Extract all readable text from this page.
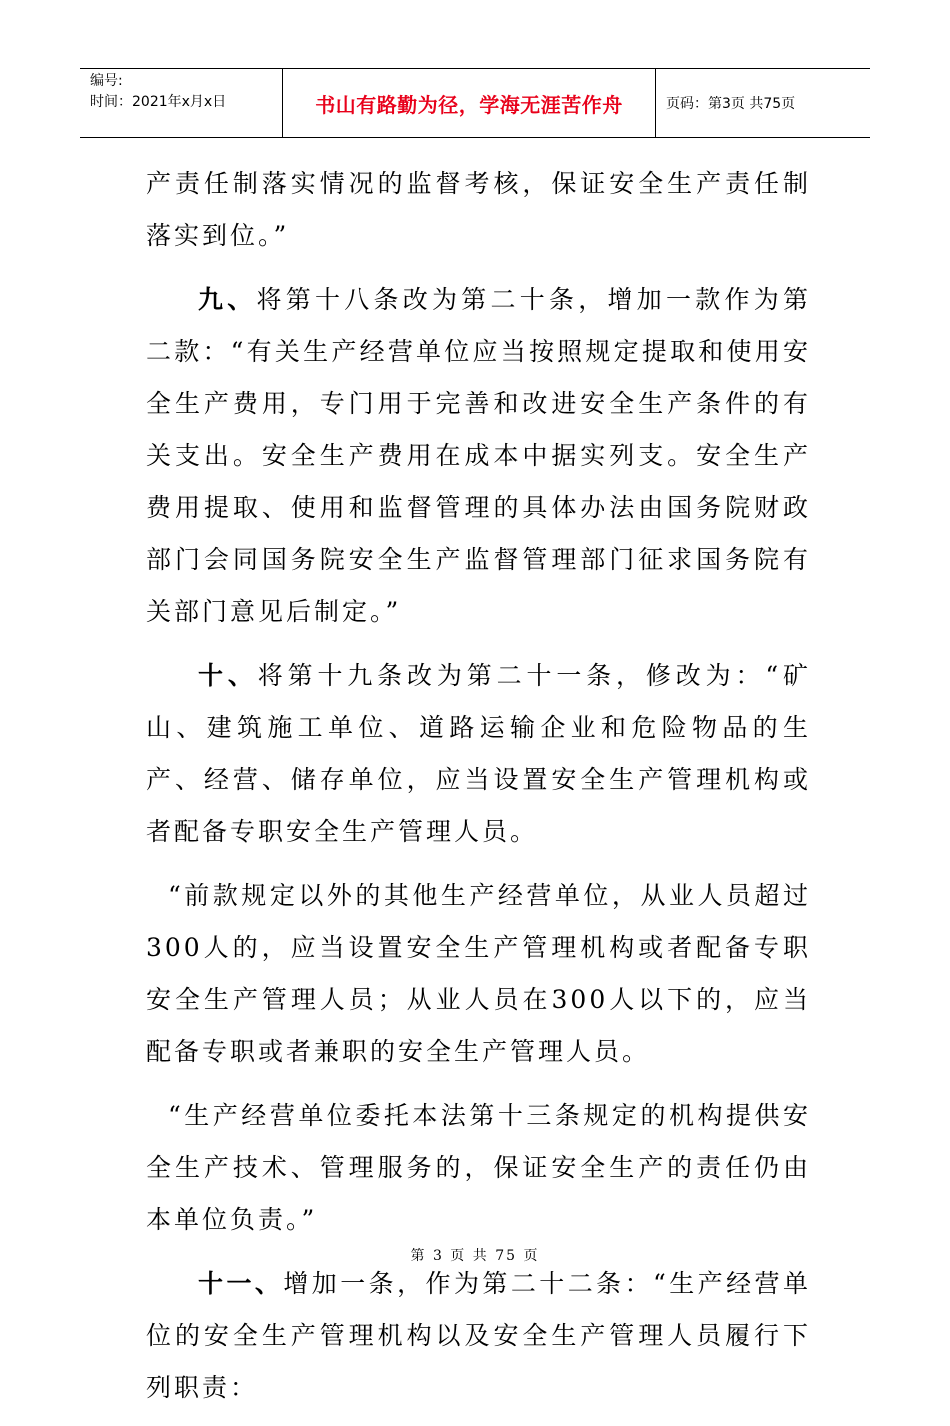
编号:
时间：2021年x月x日	书山有路勤为径，学海无涯苦作舟	页码：第3页 共75页

产责任制落实情况的监督考核，保证安全生产责任制落实到位。”

九、将第十八条改为第二十条，增加一款作为第二款：“有关生产经营单位应当按照规定提取和使用安全生产费用，专门用于完善和改进安全生产条件的有关支出。安全生产费用在成本中据实列支。安全生产费用提取、使用和监督管理的具体办法由国务院财政部门会同国务院安全生产监督管理部门征求国务院有关部门意见后制定。”

十、将第十九条改为第二十一条，修改为：“矿山、建筑施工单位、道路运输企业和危险物品的生产、经营、储存单位，应当设置安全生产管理机构或者配备专职安全生产管理人员。

“前款规定以外的其他生产经营单位，从业人员超过300人的，应当设置安全生产管理机构或者配备专职安全生产管理人员；从业人员在300人以下的，应当配备专职或者兼职的安全生产管理人员。

“生产经营单位委托本法第十三条规定的机构提供安全生产技术、管理服务的，保证安全生产的责任仍由本单位负责。”

十一、增加一条，作为第二十二条：“生产经营单位的安全生产管理机构以及安全生产管理人员履行下列职责：

第 3 页 共 75 页
